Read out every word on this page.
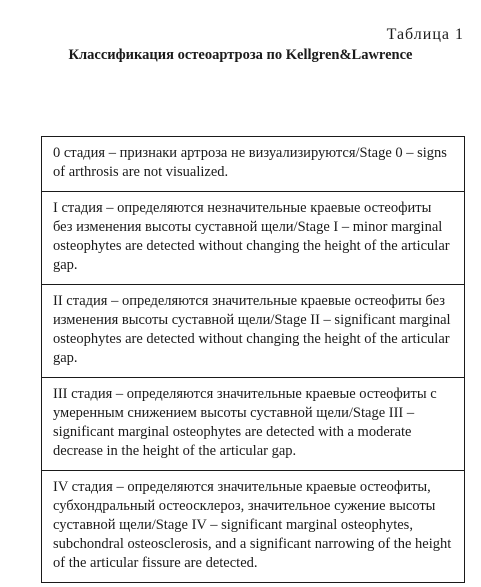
Таблица 1

Классификация остеоартроза по Kellgren&Lawrence

0 стадия – признаки артроза не визуализируются/Stage 0 – signs of arthrosis are not visualized.
I стадия – определяются незначительные краевые остеофиты без изменения высоты суставной щели/Stage I – minor marginal osteophytes are detected without changing the height of the articular gap.
II стадия – определяются значительные краевые остеофиты без изменения высоты суставной щели/Stage II – significant marginal osteophytes are detected without changing the height of the articular gap.
III стадия – определяются значительные краевые остеофиты с умеренным снижением высоты суставной щели/Stage III – significant marginal osteophytes are detected with a moderate decrease in the height of the articular gap.
IV стадия – определяются значительные краевые остеофиты, субхондральный остеосклероз, значительное сужение высоты суставной щели/Stage IV – significant marginal osteophytes, subchondral osteosclerosis, and a significant narrowing of the height of the articular fissure are detected.
